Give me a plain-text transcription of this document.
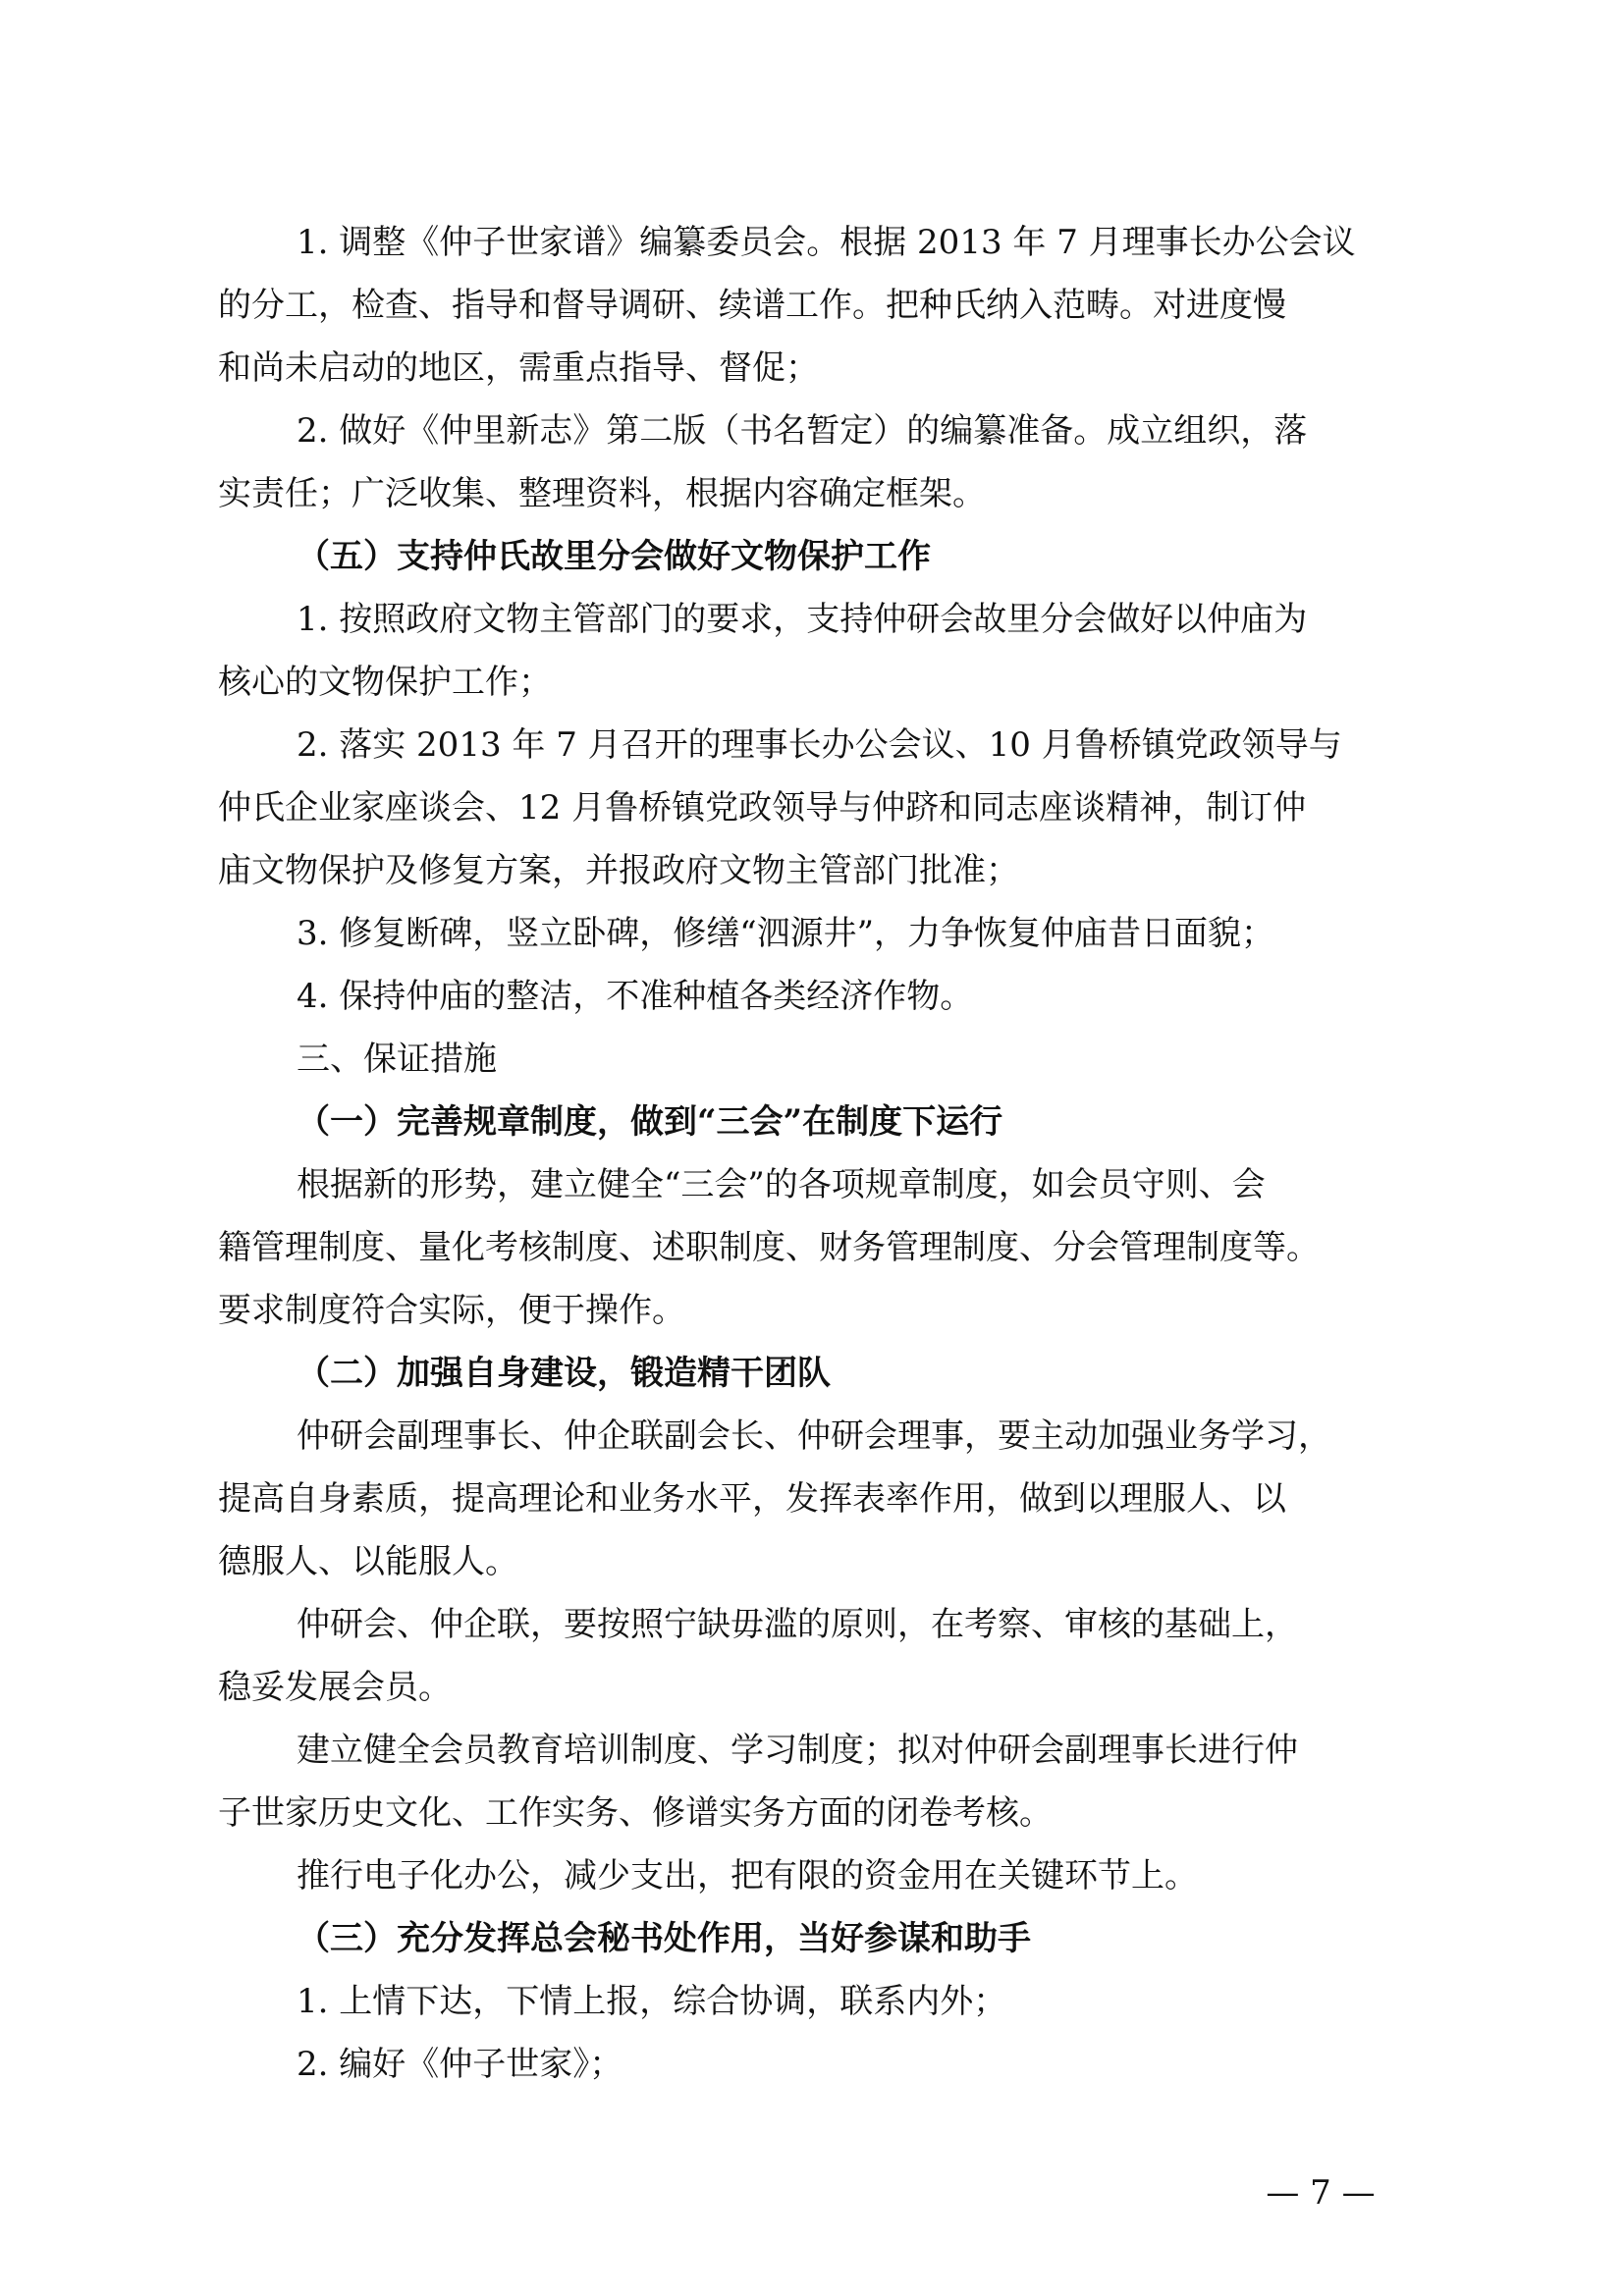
1. 调整《仲子世家谱》编纂委员会。根据 2013 年 7 月理事长办公会议
的分工，检查、指导和督导调研、续谱工作。把种氏纳入范畴。对进度慢
和尚未启动的地区，需重点指导、督促；
2. 做好《仲里新志》第二版（书名暂定）的编纂准备。成立组织，落
实责任；广泛收集、整理资料，根据内容确定框架。
（五）支持仲氏故里分会做好文物保护工作
1. 按照政府文物主管部门的要求，支持仲研会故里分会做好以仲庙为
核心的文物保护工作；
2. 落实 2013 年 7 月召开的理事长办公会议、10 月鲁桥镇党政领导与
仲氏企业家座谈会、12 月鲁桥镇党政领导与仲跻和同志座谈精神，制订仲
庙文物保护及修复方案，并报政府文物主管部门批准；
3. 修复断碑，竖立卧碑，修缮“泗源井”，力争恢复仲庙昔日面貌；
4. 保持仲庙的整洁，不准种植各类经济作物。
三、保证措施
（一）完善规章制度，做到“三会”在制度下运行
根据新的形势，建立健全“三会”的各项规章制度，如会员守则、会
籍管理制度、量化考核制度、述职制度、财务管理制度、分会管理制度等。
要求制度符合实际，便于操作。
（二）加强自身建设，锻造精干团队
仲研会副理事长、仲企联副会长、仲研会理事，要主动加强业务学习，
提高自身素质，提高理论和业务水平，发挥表率作用，做到以理服人、以
德服人、以能服人。
仲研会、仲企联，要按照宁缺毋滥的原则，在考察、审核的基础上，
稳妥发展会员。
建立健全会员教育培训制度、学习制度；拟对仲研会副理事长进行仲
子世家历史文化、工作实务、修谱实务方面的闭卷考核。
推行电子化办公，减少支出，把有限的资金用在关键环节上。
（三）充分发挥总会秘书处作用，当好参谋和助手
1. 上情下达，下情上报，综合协调，联系内外；
2. 编好《仲子世家》；
— 7 —
